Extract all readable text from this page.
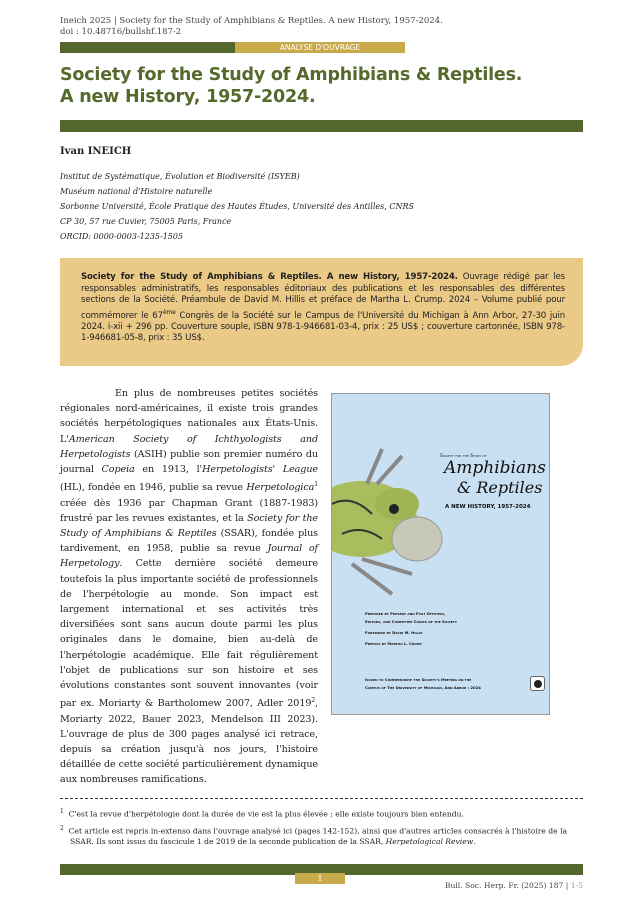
Ineich 2025 | Society for the Study of Amphibians & Reptiles. A new History, 1957-2024.
doi : 10.48716/bullshf.187-2
ANALYSE D'OUVRAGE
Society for the Study of Amphibians & Reptiles.
A new History, 1957-2024.
Ivan INEICH
Institut de Systématique, Évolution et Biodiversité (ISYEB)
Muséum national d'Histoire naturelle
Sorbonne Université, École Pratique des Hautes Études, Université des Antilles, CNRS
CP 30, 57 rue Cuvier, 75005 Paris, France
ORCID: 0000-0003-1235-1505
Society for the Study of Amphibians & Reptiles. A new History, 1957-2024. Ouvrage rédigé par les responsables administratifs, les responsables éditoriaux des publications et les responsables des différentes sections de la Société. Préambule de David M. Hillis et préface de Martha L. Crump. 2024 – Volume publié pour commémorer le 67ème Congrès de la Société sur le Campus de l'Université du Michigan à Ann Arbor, 27-30 juin 2024. i-xii + 296 pp. Couverture souple, ISBN 978-1-946681-03-4, prix : 25 US$ ; couverture cartonnée, ISBN 978-1-946681-05-8, prix : 35 US$.
En plus de nombreuses petites sociétés régionales nord-américaines, il existe trois grandes sociétés herpétologiques nationales aux États-Unis. L'American Society of Ichthyologists and Herpetologists (ASIH) publie son premier numéro du journal Copeia en 1913, l'Herpetologists' League (HL), fondée en 1946, publie sa revue Herpetologica$^1$ créée dès 1936 par Chapman Grant (1887-1983) frustré par les revues existantes, et la Society for the Study of Amphibians & Reptiles (SSAR), fondée plus tardivement, en 1958, publie sa revue Journal of Herpetology. Cette dernière société demeure toutefois la plus importante société de professionnels de l'herpétologie au monde. Son impact est largement international et ses activités très diversifiées sont sans aucun doute parmi les plus originales dans le domaine, bien au-delà de l'herpétologie académique. Elle fait régulièrement l'objet de publications sur son histoire et ses évolutions constantes sont souvent innovantes (voir par ex. Moriarty & Bartholomew 2007, Adler 2019$^2$, Moriarty 2022, Bauer 2023, Mendelson III 2023). L'ouvrage de plus de 300 pages analysé ici retrace, depuis sa création jusqu'à nos jours, l'histoire détaillée de cette société particulièrement dynamique aux nombreuses ramifications.
Society for the Study of
Amphibians
& Reptiles
A NEW HISTORY, 1957-2024
Prepared by Present and Past Officers,
Editors, and Committee Chairs of the Society
Foreword by David M. Hillis
Preface by Martha L. Crump
Issued to Commemorate the Society's Meeting on the
Campus of The University of Michigan, Ann Arbor : 2024

$^1$ C'est la revue d'herpétologie dont la durée de vie est la plus élevée ; elle existe toujours bien entendu.

$^2$ Cet article est repris in-extenso dans l'ouvrage analysé ici (pages 142-152), ainsi que d'autres articles consacrés à l'histoire de la SSAR. Ils sont issus du fascicule 1 de 2019 de la seconde publication de la SSAR, Herpetological Review.

1
Bull. Soc. Herp. Fr. (2025) 187 | 1-5
